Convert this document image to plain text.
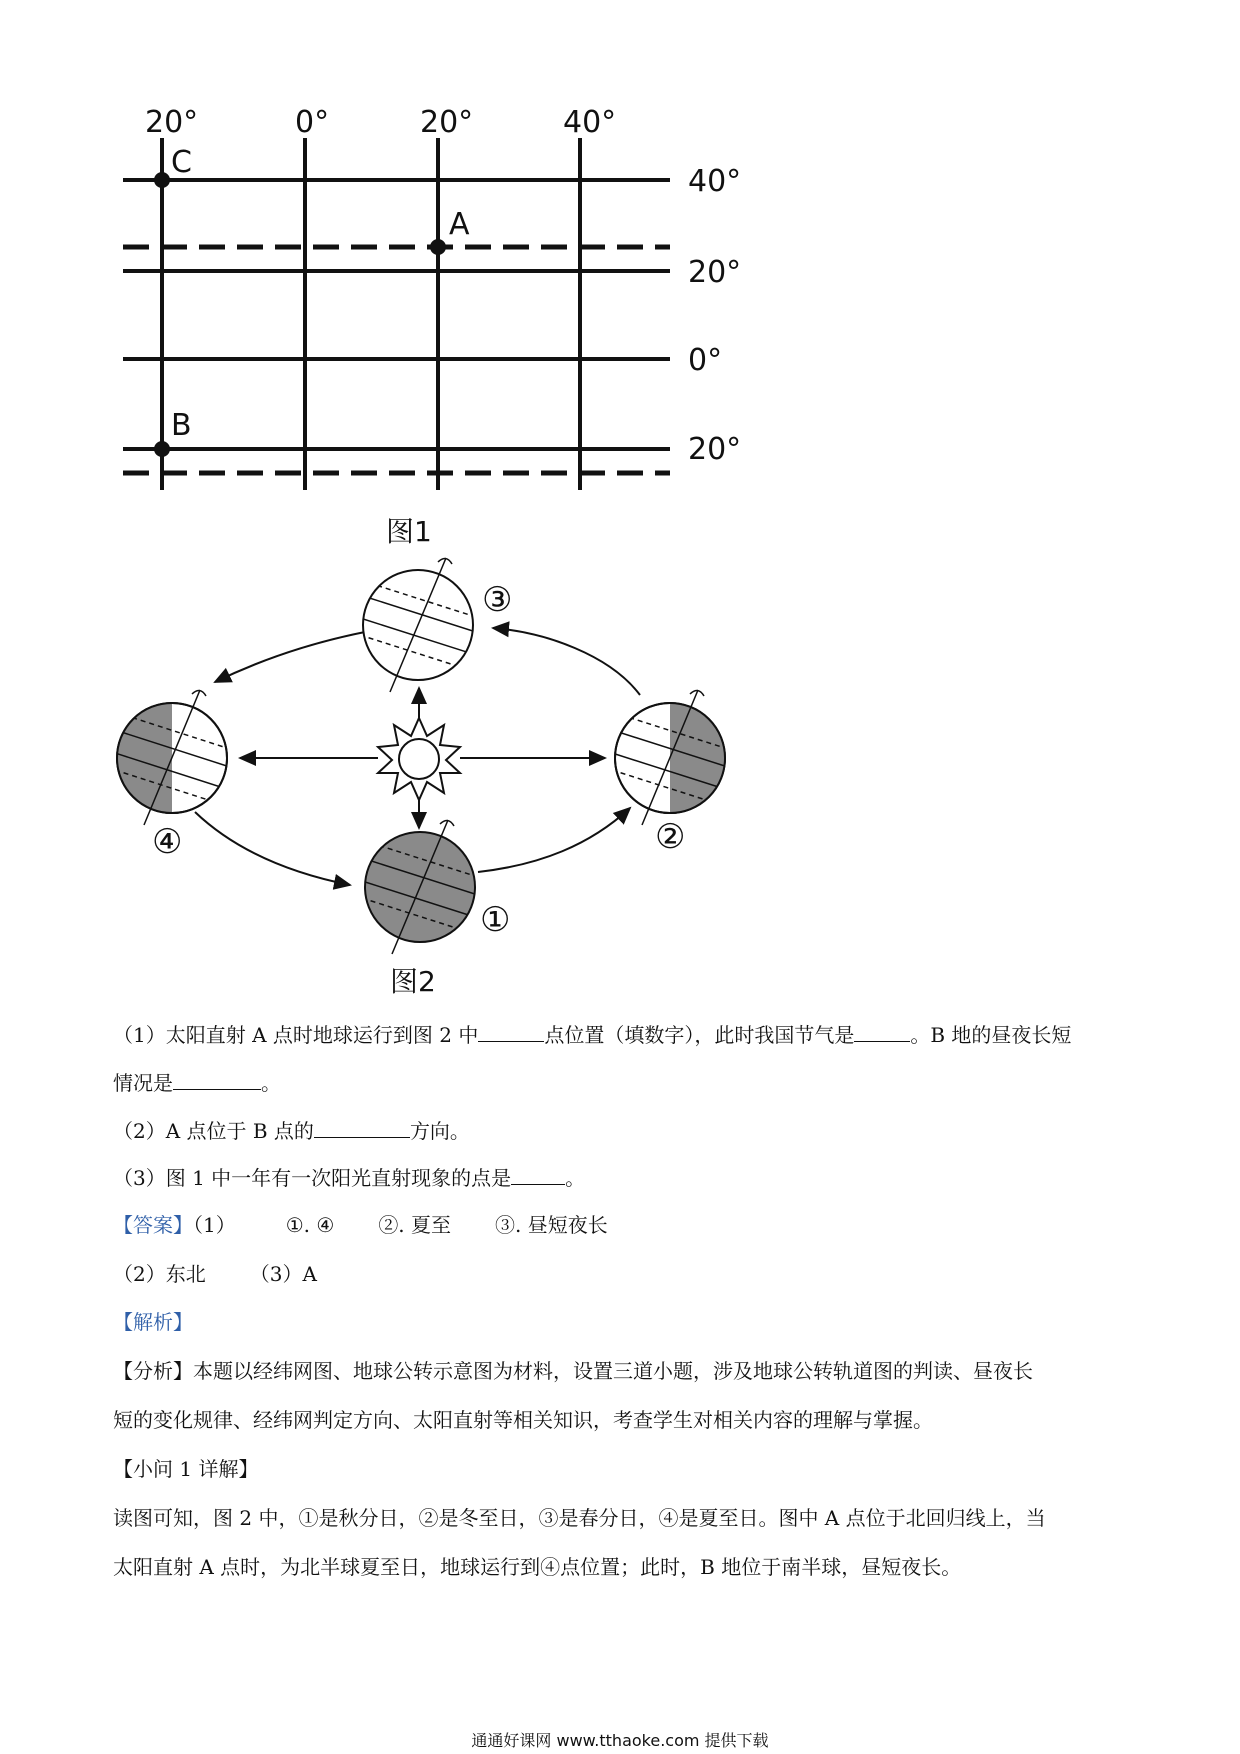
20°	0°	20°	40°
40°
20°
0°
20°
C
A
B
图1
③
④	②
①
图2
（1）太阳直射 A 点时地球运行到图 2 中	点位置（填数字），此时我国节气是	。B 地的昼夜长短
情况是	。
（2）A 点位于 B 点的	方向。
（3）图 1 中一年有一次阳光直射现象的点是	。
【答案】（1）	①. ④ ②. 夏至 ③. 昼短夜长
（2）东北 （3）A
【解析】
【分析】本题以经纬网图、地球公转示意图为材料，设置三道小题，涉及地球公转轨道图的判读、昼夜长
短的变化规律、经纬网判定方向、太阳直射等相关知识，考查学生对相关内容的理解与掌握。
【小问 1 详解】
读图可知，图 2 中，①是秋分日，②是冬至日，③是春分日，④是夏至日。图中 A 点位于北回归线上，当
太阳直射 A 点时，为北半球夏至日，地球运行到④点位置；此时，B 地位于南半球，昼短夜长。
通通好课网 www.tthaoke.com 提供下载
